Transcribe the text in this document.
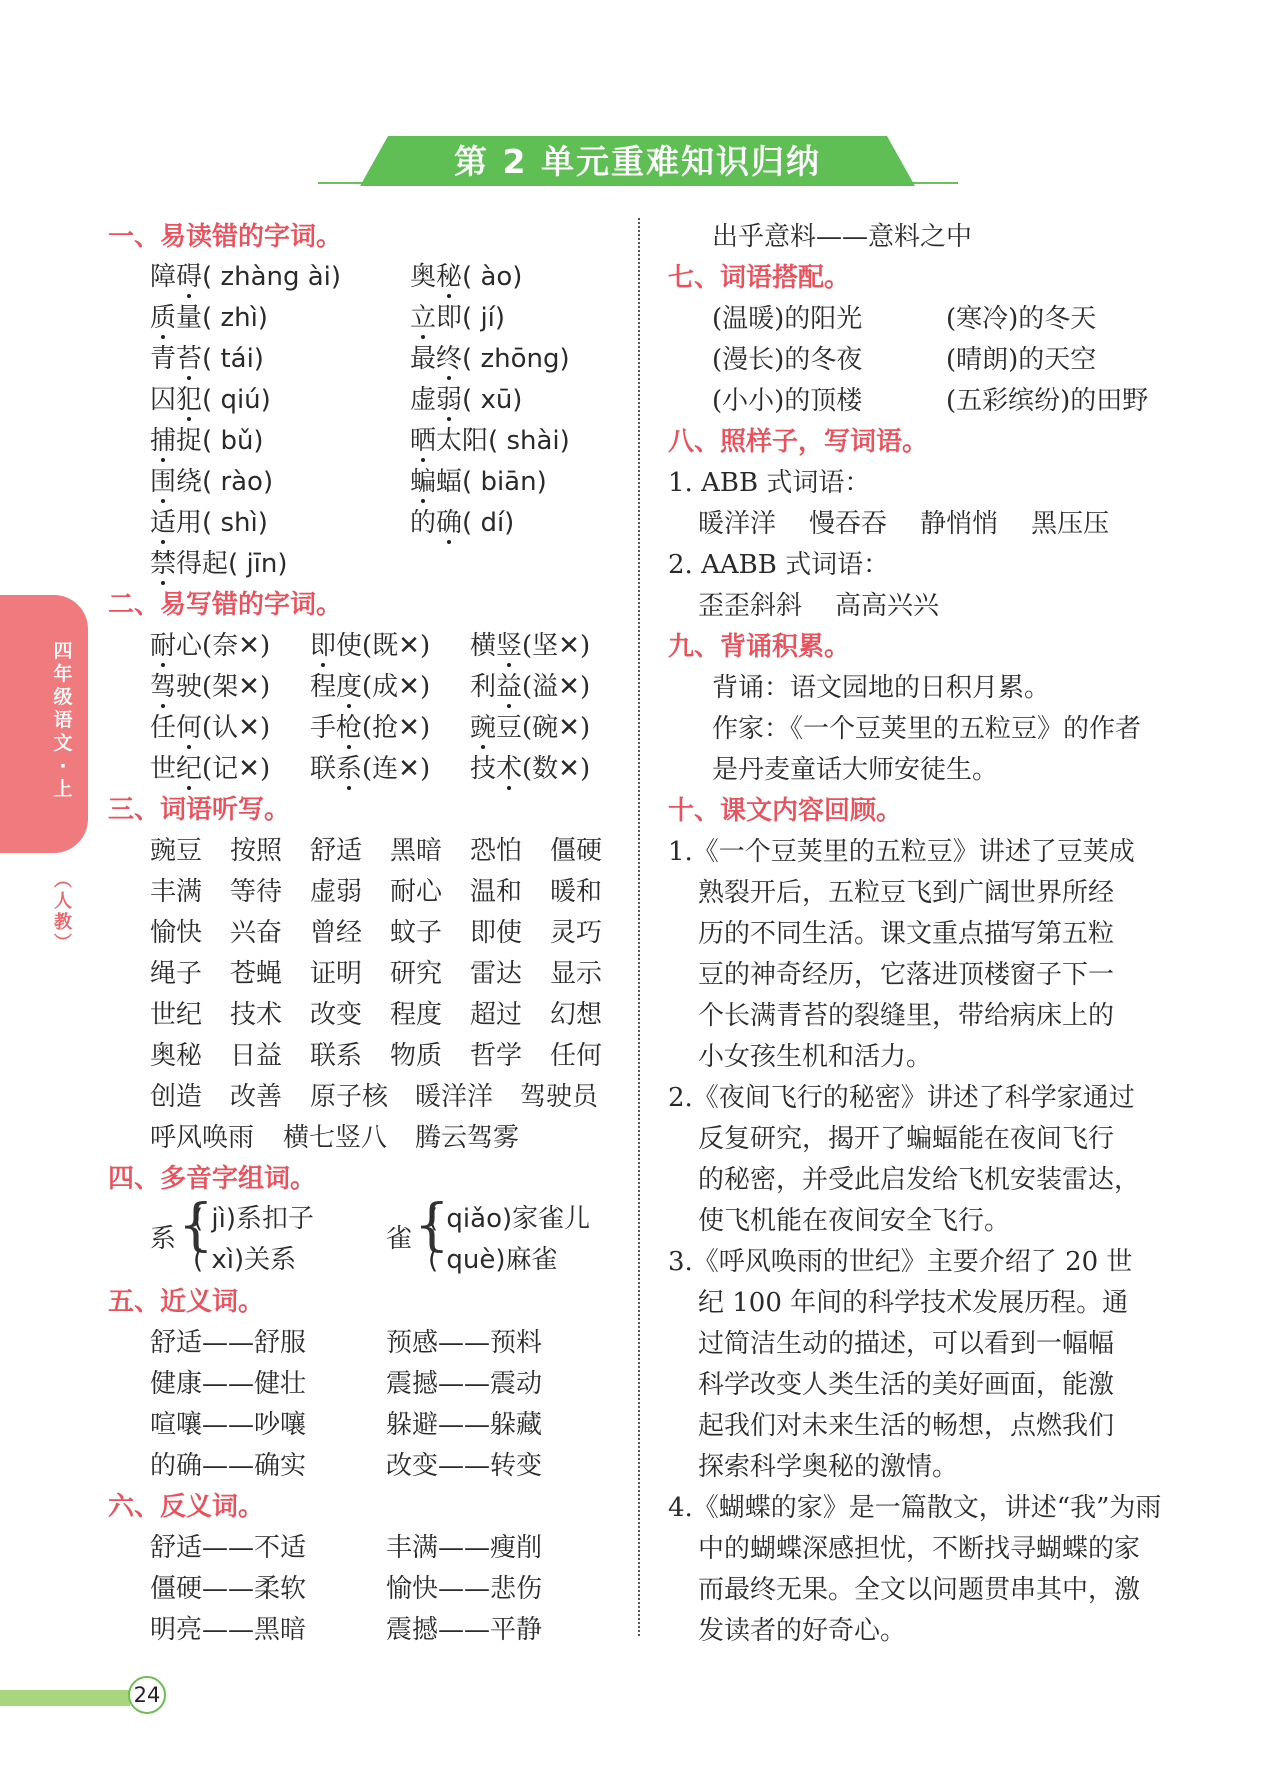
第 2 单元重难知识归纳
四
年
级
语
文
·
上
︵
人
教
︶
一、易读错的字词。
障碍( zhàng ài)	奥秘( ào)
质量( zhì)	立即( jí)
青苔( tái)	最终( zhōng)
囚犯( qiú)	虚弱( xū)
捕捉( bǔ)	晒太阳( shài)
围绕( rào)	蝙蝠( biān)
适用( shì)	的确( dí)
禁得起( jīn)
二、易写错的字词。
耐心(奈✕) 即使(既✕) 横竖(坚✕)
驾驶(架✕) 程度(成✕) 利益(溢✕)
任何(认✕) 手枪(抢✕) 豌豆(碗✕)
世纪(记✕) 联系(连✕) 技术(数✕)
三、词语听写。
豌豆 按照 舒适 黑暗 恐怕 僵硬
丰满 等待 虚弱 耐心 温和 暖和
愉快 兴奋 曾经 蚊子 即使 灵巧
绳子 苍蝇 证明 研究 雷达 显示
世纪 技术 改变 程度 超过 幻想
奥秘 日益 联系 物质 哲学 任何
创造 改善 原子核 暖洋洋 驾驶员
呼风唤雨 横七竖八 腾云驾雾
四、多音字组词。
系 {
( jì)系扣子
( xì)关系
雀 {
( qiǎo)家雀儿
( què)麻雀
五、近义词。
舒适——舒服	预感——预料
健康——健壮	震撼——震动
喧嚷——吵嚷	躲避——躲藏
的确——确实	改变——转变
六、反义词。
舒适——不适	丰满——瘦削
僵硬——柔软	愉快——悲伤
明亮——黑暗	震撼——平静
出乎意料——意料之中
七、词语搭配。
(温暖)的阳光	(寒冷)的冬天
(漫长)的冬夜	(晴朗)的天空
(小小)的顶楼	(五彩缤纷)的田野
八、照样子，写词语。
1. ABB 式词语：
暖洋洋    慢吞吞    静悄悄    黑压压
2. AABB 式词语：
歪歪斜斜    高高兴兴
九、背诵积累。
背诵：语文园地的日积月累。
作家：《一个豆荚里的五粒豆》的作者
是丹麦童话大师安徒生。
十、课文内容回顾。
1.《一个豆荚里的五粒豆》讲述了豆荚成
熟裂开后，五粒豆飞到广阔世界所经
历的不同生活。课文重点描写第五粒
豆的神奇经历，它落进顶楼窗子下一
个长满青苔的裂缝里，带给病床上的
小女孩生机和活力。
2.《夜间飞行的秘密》讲述了科学家通过
反复研究，揭开了蝙蝠能在夜间飞行
的秘密，并受此启发给飞机安装雷达，
使飞机能在夜间安全飞行。
3.《呼风唤雨的世纪》主要介绍了 20 世
纪 100 年间的科学技术发展历程。通
过简洁生动的描述，可以看到一幅幅
科学改变人类生活的美好画面，能激
起我们对未来生活的畅想，点燃我们
探索科学奥秘的激情。
4.《蝴蝶的家》是一篇散文，讲述“我”为雨
中的蝴蝶深感担忧，不断找寻蝴蝶的家
而最终无果。全文以问题贯串其中，激
发读者的好奇心。
24
